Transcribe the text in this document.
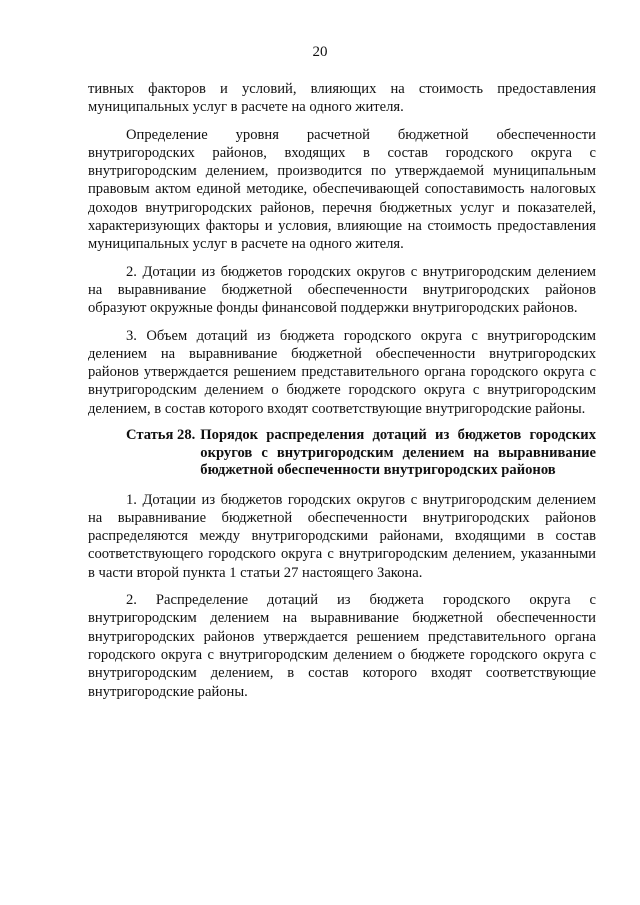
20

тивных факторов и условий, влияющих на стоимость предоставления муниципальных услуг в расчете на одного жителя.

Определение уровня расчетной бюджетной обеспеченности внутригородских районов, входящих в состав городского округа с внутригородским делением, производится по утверждаемой муниципальным правовым актом единой методике, обеспечивающей сопоставимость налоговых доходов внутригородских районов, перечня бюджетных услуг и показателей, характеризующих факторы и условия, влияющие на стоимость предоставления муниципальных услуг в расчете на одного жителя.

2. Дотации из бюджетов городских округов с внутригородским делением на выравнивание бюджетной обеспеченности внутригородских районов образуют окружные фонды финансовой поддержки внутригородских районов.

3. Объем дотаций из бюджета городского округа с внутригородским делением на выравнивание бюджетной обеспеченности внутригородских районов утверждается решением представительного органа городского округа с внутригородским делением о бюджете городского округа с внутригородским делением, в состав которого входят соответствующие внутригородские районы.

Статья 28. Порядок распределения дотаций из бюджетов городских округов с внутригородским делением на выравнивание бюджетной обеспеченности внутригородских районов

1. Дотации из бюджетов городских округов с внутригородским делением на выравнивание бюджетной обеспеченности внутригородских районов распределяются между внутригородскими районами, входящими в состав соответствующего городского округа с внутригородским делением, указанными в части второй пункта 1 статьи 27 настоящего Закона.

2. Распределение дотаций из бюджета городского округа с внутригородским делением на выравнивание бюджетной обеспеченности внутригородских районов утверждается решением представительного органа городского округа с внутригородским делением о бюджете городского округа с внутригородским делением, в состав которого входят соответствующие внутригородские районы.
